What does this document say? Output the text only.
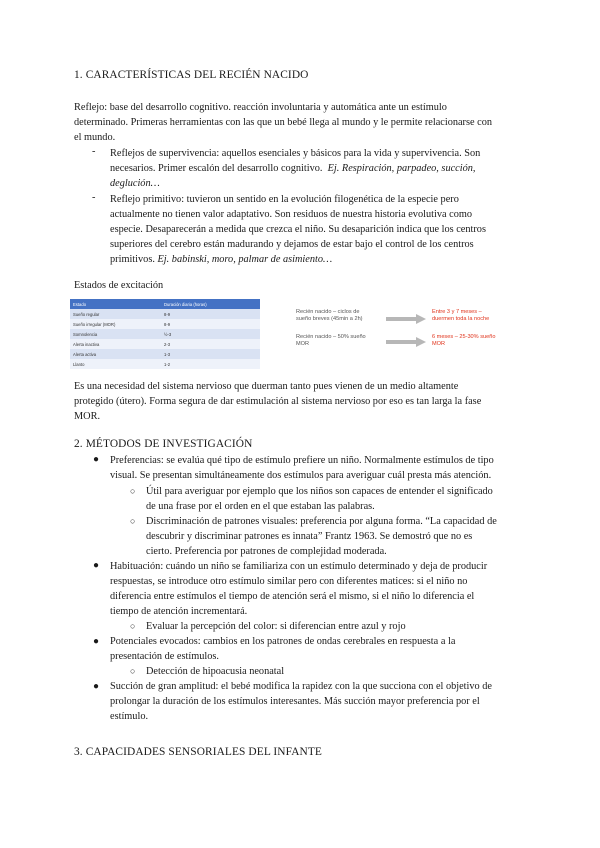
1. CARACTERÍSTICAS DEL RECIÉN NACIDO

Reflejo: base del desarrollo cognitivo. reacción involuntaria y automática ante un estímulo
determinado. Primeras herramientas con las que un bebé llega al mundo y le permite relacionarse con
el mundo.

- Reflejos de supervivencia: aquellos esenciales y básicos para la vida y supervivencia. Son
necesarios. Primer escalón del desarrollo cognitivo. Ej. Respiración, parpadeo, succión,
deglución…

- Reflejo primitivo: tuvieron un sentido en la evolución filogenética de la especie pero
actualmente no tienen valor adaptativo. Son residuos de nuestra historia evolutiva como
especie. Desaparecerán a medida que crezca el niño. Su desaparición indica que los centros
superiores del cerebro están madurando y dejamos de estar bajo el control de los centros
primitivos. Ej. babinski, moro, palmar de asimiento…

Estados de excitación

Estado	Duración diaria (horas)
Sueño regular	8-9
Sueño irregular (MOR)	8-9
Somnolencia	½-3
Alerta inactiva	2-3
Alerta activa	1-3
Llanto	1-2
Recién nacido – ciclos de
sueño breves (45min a 2h)
Recién nacido – 50% sueño
MOR
Entre 3 y 7 meses –
duermen toda la noche
6 meses – 25-30% sueño
MOR

Es una necesidad del sistema nervioso que duerman tanto pues vienen de un medio altamente
protegido (útero). Forma segura de dar estimulación al sistema nervioso por eso es tan larga la fase
MOR.

2. MÉTODOS DE INVESTIGACIÓN
● Preferencias: se evalúa qué tipo de estímulo prefiere un niño. Normalmente estímulos de tipo
visual. Se presentan simultáneamente dos estímulos para averiguar cuál presta más atención.

○ Útil para averiguar por ejemplo que los niños son capaces de entender el significado
de una frase por el orden en el que estaban las palabras.

○ Discriminación de patrones visuales: preferencia por alguna forma. “La capacidad de
descubrir y discriminar patrones es innata” Frantz 1963. Se demostró que no es
cierto. Preferencia por patrones de complejidad moderada.

● Habituación: cuándo un niño se familiariza con un estímulo determinado y deja de producir
respuestas, se introduce otro estímulo similar pero con diferentes matices: si el niño no
diferencia entre estímulos el tiempo de atención será el mismo, si el niño lo diferencia el
tiempo de atención incrementará.

○ Evaluar la percepción del color: si diferencian entre azul y rojo

● Potenciales evocados: cambios en los patrones de ondas cerebrales en respuesta a la
presentación de estímulos.

○ Detección de hipoacusia neonatal

● Succión de gran amplitud: el bebé modifica la rapidez con la que succiona con el objetivo de
prolongar la duración de los estímulos interesantes. Más succión mayor preferencia por el
estímulo.

3. CAPACIDADES SENSORIALES DEL INFANTE
